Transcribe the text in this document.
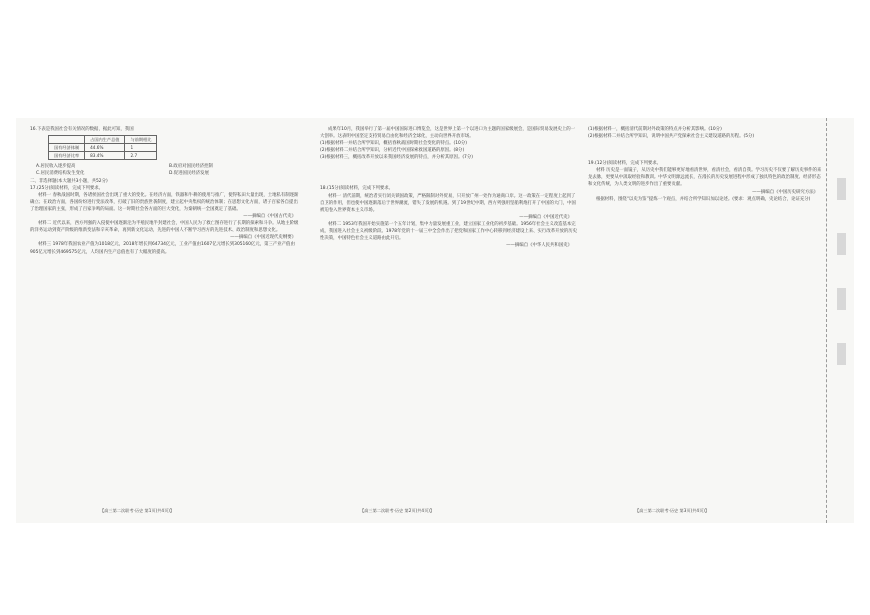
16.下表是我国社会有关情况的数据，据此可知，我国

	占国内生产总值	与前期相比
国有经济体制	44.6%	1
国有经济比率	83.4%	2.7
A.居民收入逐步提高	B.政府对国民经济控制
C.居民消费结构发生变化	D.促进国民经济发展

二、非选择题(本大题共3小题，共52分)

17.(25分)阅读材料，完成下列要求。

材料一 春秋战国时期，各诸侯国社会出现了重大的变化。在经济方面，铁器和牛耕的使用与推广，使得私田大量出现，土地私有制逐渐确立；在政治方面，各国纷纷进行变法改革，打破了旧的贵族世袭制度，建立起中央集权的统治体制；在思想文化方面，诸子百家各自提出了治理国家的主张，形成了百家争鸣的局面。这一时期社会各方面的巨大变化，为秦朝统一全国奠定了基础。

——摘编自《中国古代史》

材料二 近代以来，西方列强的入侵使中国逐渐沦为半殖民地半封建社会，中国人民为了救亡图存进行了长期的探索和斗争。从地主阶级的洋务运动到资产阶级的维新变法和辛亥革命，再到新文化运动，先进的中国人不断学习西方的先进技术、政治制度和思想文化。

——摘编自《中国近现代史纲要》

材料三 1978年我国农业产值为1018亿元，2018年增长到64734亿元，工业产值由1607亿元增长到305160亿元，第三产业产值由905亿元增长到469575亿元，人均国内生产总值也有了大幅度的提高。

成果年10月，我国举行了第一届中国国际进口博览会，这是世界上第一个以进口为主题的国家级展会，是国际贸易发展史上的一大创举。这表明中国坚定支持贸易自由化和经济全球化，主动向世界开放市场。

(1)根据材料一并结合所学知识，概括春秋战国时期社会变化的特点。(10分)

(2)根据材料二并结合所学知识，分析近代中国探索救国道路的原因。(8分)

(3)根据材料三，概括改革开放以来我国经济发展的特点，并分析其原因。(7分)

18.(15分)阅读材料，完成下列要求。

材料一 清代前期，统治者实行闭关锁国政策，严格限制对外贸易，只开放广州一处作为通商口岸。这一政策在一定程度上起到了自卫的作用，但也使中国逐渐落后于世界潮流，错失了发展的机遇。到了19世纪中期，西方列强用坚船利炮打开了中国的大门，中国被迫卷入世界资本主义市场。

——摘编自《中国近代史》

材料二 1953年我国开始实施第一个五年计划，集中力量发展重工业，建立国家工业化的初步基础。1956年社会主义改造基本完成，我国进入社会主义初级阶段。1978年党的十一届三中全会作出了把党和国家工作中心转移到经济建设上来、实行改革开放的历史性决策，中国特色社会主义道路由此开启。

——摘编自《中华人民共和国史》

(1)根据材料一，概括清代前期对外政策的特点并分析其影响。(10分)

(2)根据材料二并结合所学知识，说明中国共产党探索社会主义建设道路的历程。(5分)

19.(12分)阅读材料，完成下列要求。

材料 历史是一面镜子，从历史中我们能够更好地看清世界，看清社会，看清自我。学习历史不仅要了解历史事件的来龙去脉，更要从中汲取经验和教训。中华文明源远流长，在漫长的历史发展进程中形成了独具特色的政治制度、经济形态和文化传统，为人类文明的进步作出了重要贡献。

——摘编自《中国历史研究方法》

根据材料，围绕“以史为鉴”提炼一个观点，并结合所学知识加以论述。(要求：观点明确，史论结合，论证充分)

【高三第二次联考·历史 第1页(共4页)】	【高三第二次联考·历史 第2页(共4页)】	【高三第二次联考·历史 第3页(共4页)】
